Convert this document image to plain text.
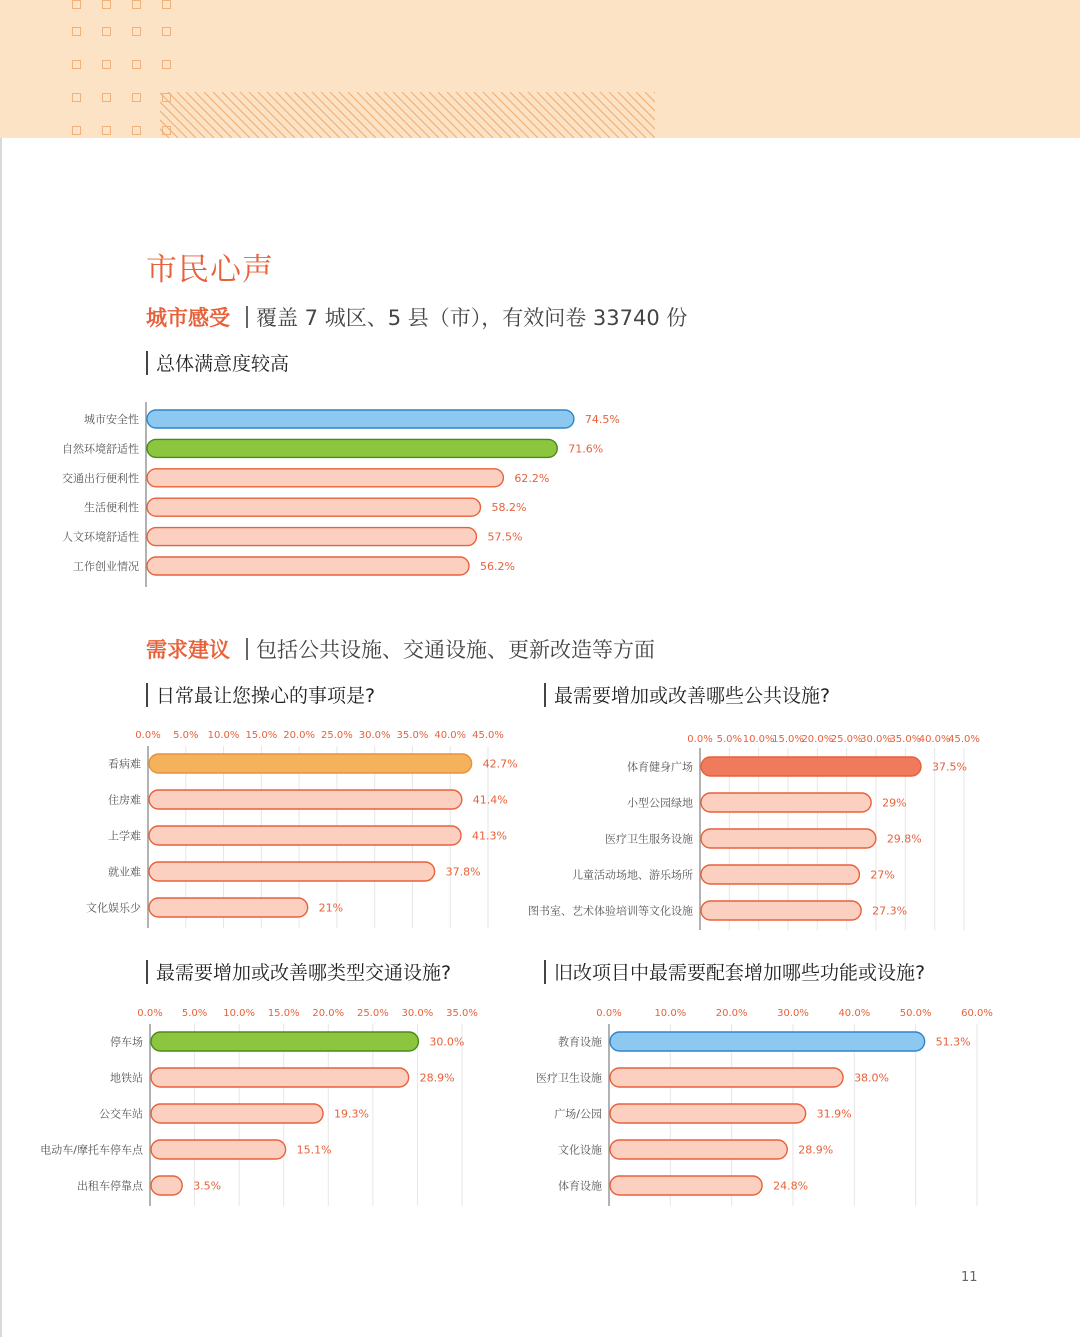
市民心声
城市感受 覆盖 7 城区、5 县（市），有效问卷 33740 份
总体满意度较高
城市安全性	74.5%
自然环境舒适性	71.6%
交通出行便利性	62.2%
生活便利性	58.2%
人文环境舒适性	57.5%
工作创业情况	56.2%
需求建议 包括公共设施、交通设施、更新改造等方面
日常最让您操心的事项是?
0.0% 5.0% 10.0% 15.0% 20.0% 25.0% 30.0% 35.0% 40.0% 45.0%
看病难	42.7%
住房难	41.4%
上学难	41.3%
就业难	37.8%
文化娱乐少	21%
最需要增加或改善哪些公共设施?
0.0% 5.0% 10.0%
15.0%
20.0%
25.0%
30.0%
35.0%
40.0%
45.0%
体育健身广场	37.5%
小型公园绿地	29%
医疗卫生服务设施	29.8%
儿童活动场地、游乐场所	27%
图书室、艺术体验培训等文化设施	27.3%
最需要增加或改善哪类型交通设施?
0.0% 5.0% 10.0% 15.0% 20.0% 25.0% 30.0% 35.0%
停车场	30.0%
地铁站	28.9%
公交车站	19.3%
电动车/摩托车停车点	15.1%
出租车停靠点	3.5%
旧改项目中最需要配套增加哪些功能或设施?
0.0%	10.0%	20.0%	30.0%	40.0%	50.0%	60.0%
教育设施	51.3%
医疗卫生设施	38.0%
广场/公园	31.9%
文化设施	28.9%
体育设施	24.8%
11
